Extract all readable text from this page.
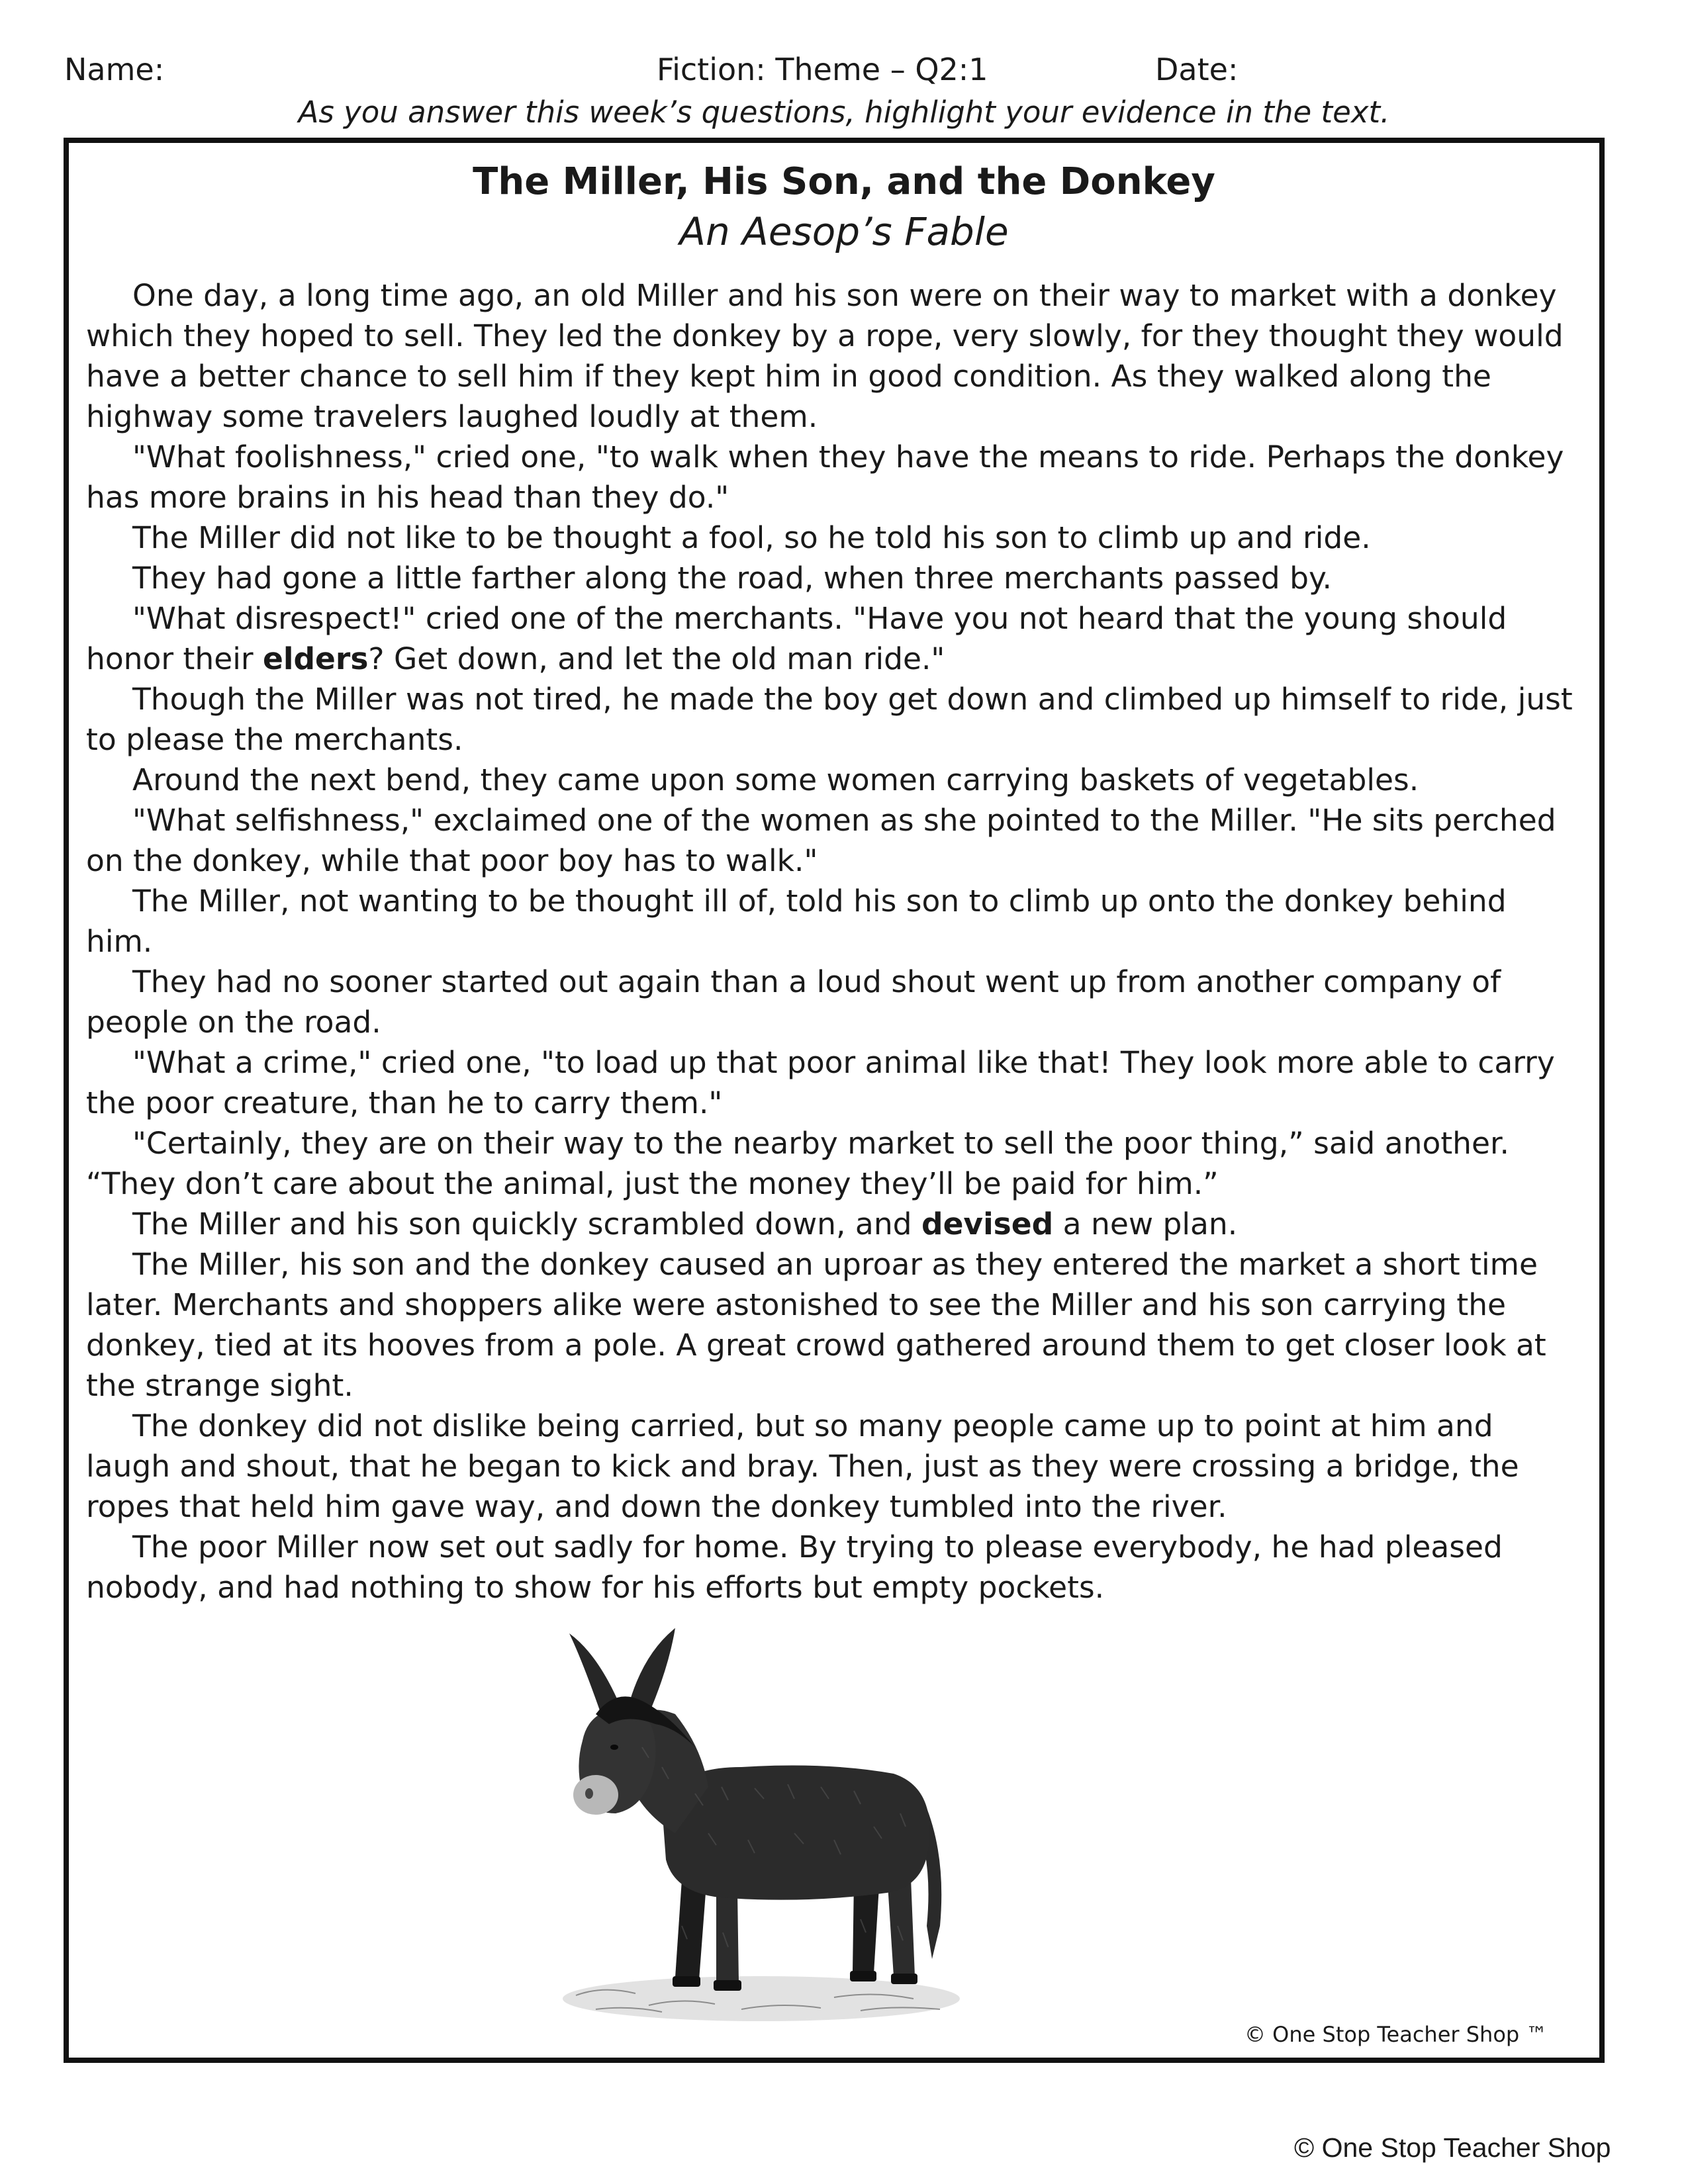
Name:	Fiction: Theme – Q2:1	Date:
As you answer this week’s questions, highlight your evidence in the text.
The Miller, His Son, and the Donkey
An Aesop’s Fable

One day, a long time ago, an old Miller and his son were on their way to market with a donkey which they hoped to sell. They led the donkey by a rope, very slowly, for they thought they would have a better chance to sell him if they kept him in good condition. As they walked along the highway some travelers laughed loudly at them.

"What foolishness," cried one, "to walk when they have the means to ride. Perhaps the donkey has more brains in his head than they do."

The Miller did not like to be thought a fool, so he told his son to climb up and ride.

They had gone a little farther along the road, when three merchants passed by.

"What disrespect!" cried one of the merchants. "Have you not heard that the young should honor their elders? Get down, and let the old man ride."

Though the Miller was not tired, he made the boy get down and climbed up himself to ride, just to please the merchants.

Around the next bend, they came upon some women carrying baskets of vegetables.

"What selfishness," exclaimed one of the women as she pointed to the Miller. "He sits perched on the donkey, while that poor boy has to walk."

The Miller, not wanting to be thought ill of, told his son to climb up onto the donkey behind him.

They had no sooner started out again than a loud shout went up from another company of people on the road.

"What a crime," cried one, "to load up that poor animal like that! They look more able to carry the poor creature, than he to carry them."

"Certainly, they are on their way to the nearby market to sell the poor thing,” said another. “They don’t care about the animal, just the money they’ll be paid for him.”

The Miller and his son quickly scrambled down, and devised a new plan.

The Miller, his son and the donkey caused an uproar as they entered the market a short time later. Merchants and shoppers alike were astonished to see the Miller and his son carrying the donkey, tied at its hooves from a pole. A great crowd gathered around them to get closer look at the strange sight.

The donkey did not dislike being carried, but so many people came up to point at him and laugh and shout, that he began to kick and bray. Then, just as they were crossing a bridge, the ropes that held him gave way, and down the donkey tumbled into the river.

The poor Miller now set out sadly for home. By trying to please everybody, he had pleased nobody, and had nothing to show for his efforts but empty pockets.

© One Stop Teacher Shop ™
© One Stop Teacher Shop
